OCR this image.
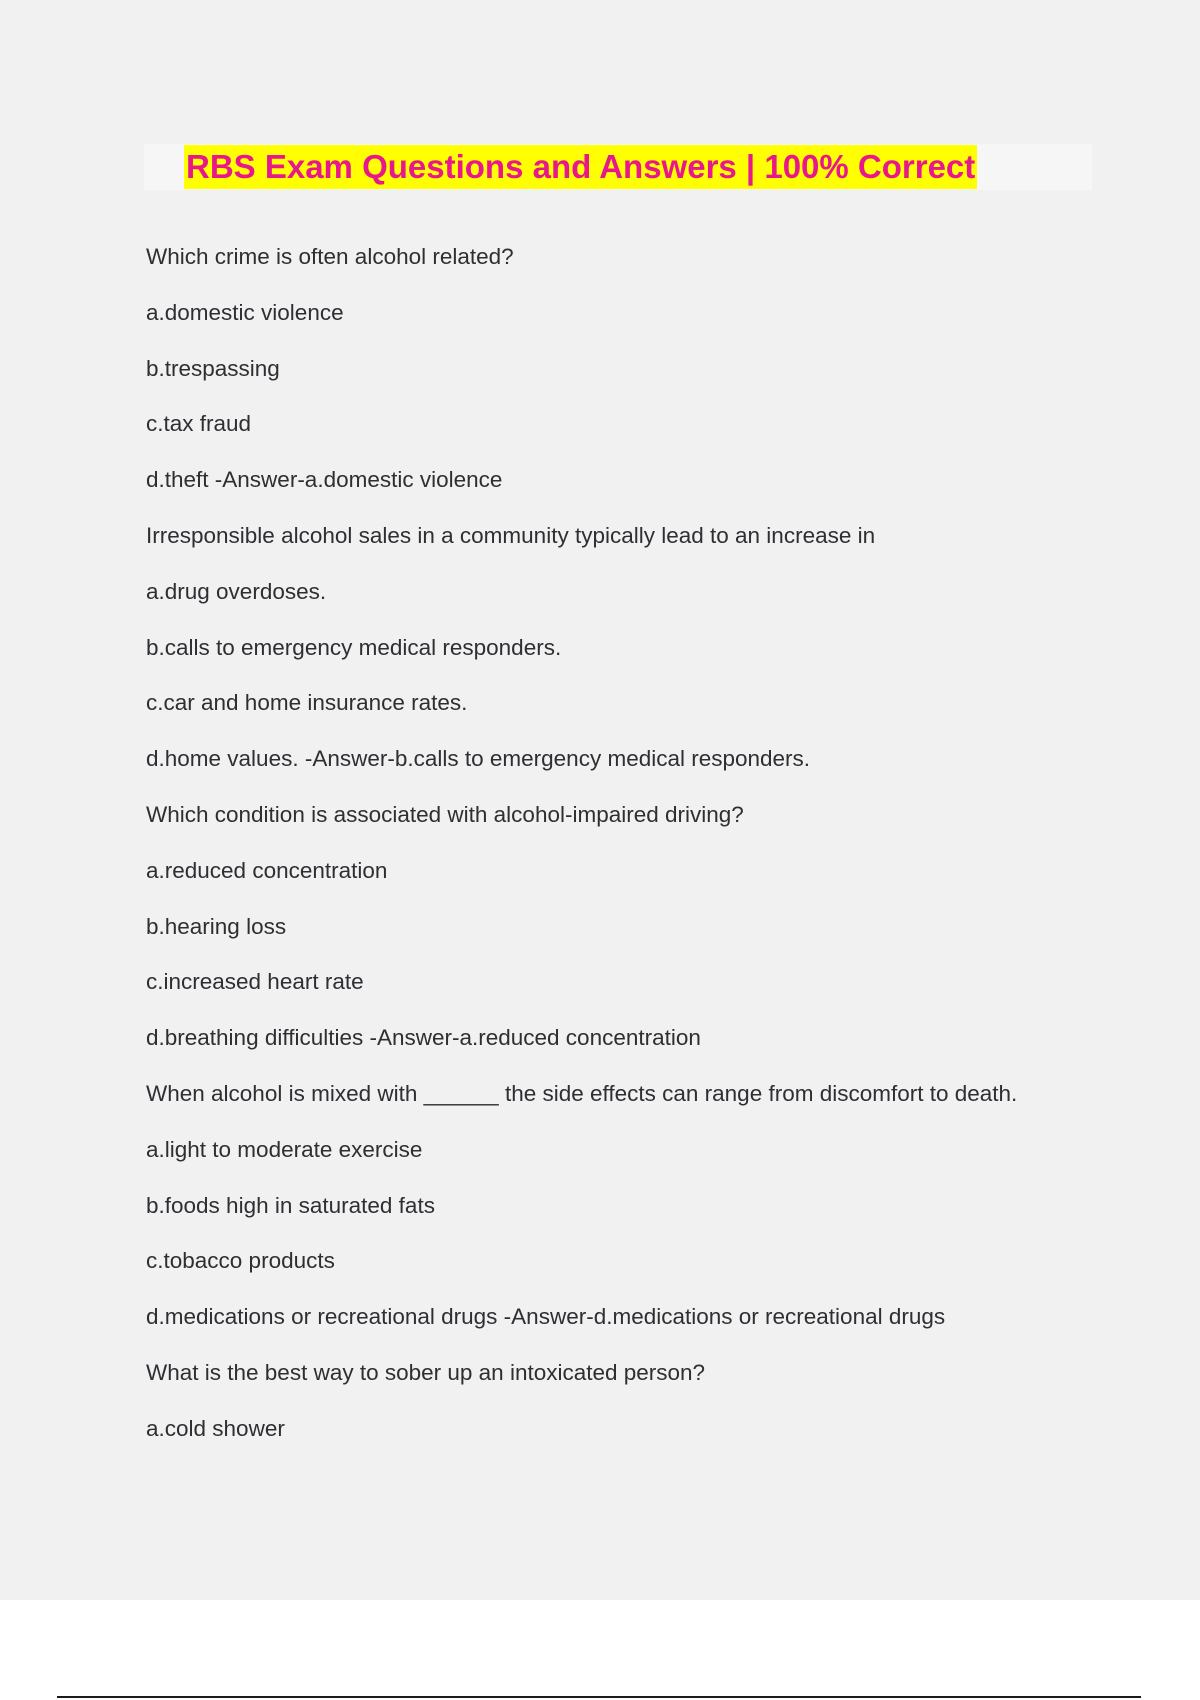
RBS Exam Questions and Answers | 100% Correct
Which crime is often alcohol related?
a.domestic violence
b.trespassing
c.tax fraud
d.theft -Answer-a.domestic violence
Irresponsible alcohol sales in a community typically lead to an increase in
a.drug overdoses.
b.calls to emergency medical responders.
c.car and home insurance rates.
d.home values. -Answer-b.calls to emergency medical responders.
Which condition is associated with alcohol-impaired driving?
a.reduced concentration
b.hearing loss
c.increased heart rate
d.breathing difficulties -Answer-a.reduced concentration
When alcohol is mixed with ______ the side effects can range from discomfort to death.
a.light to moderate exercise
b.foods high in saturated fats
c.tobacco products
d.medications or recreational drugs -Answer-d.medications or recreational drugs
What is the best way to sober up an intoxicated person?
a.cold shower
